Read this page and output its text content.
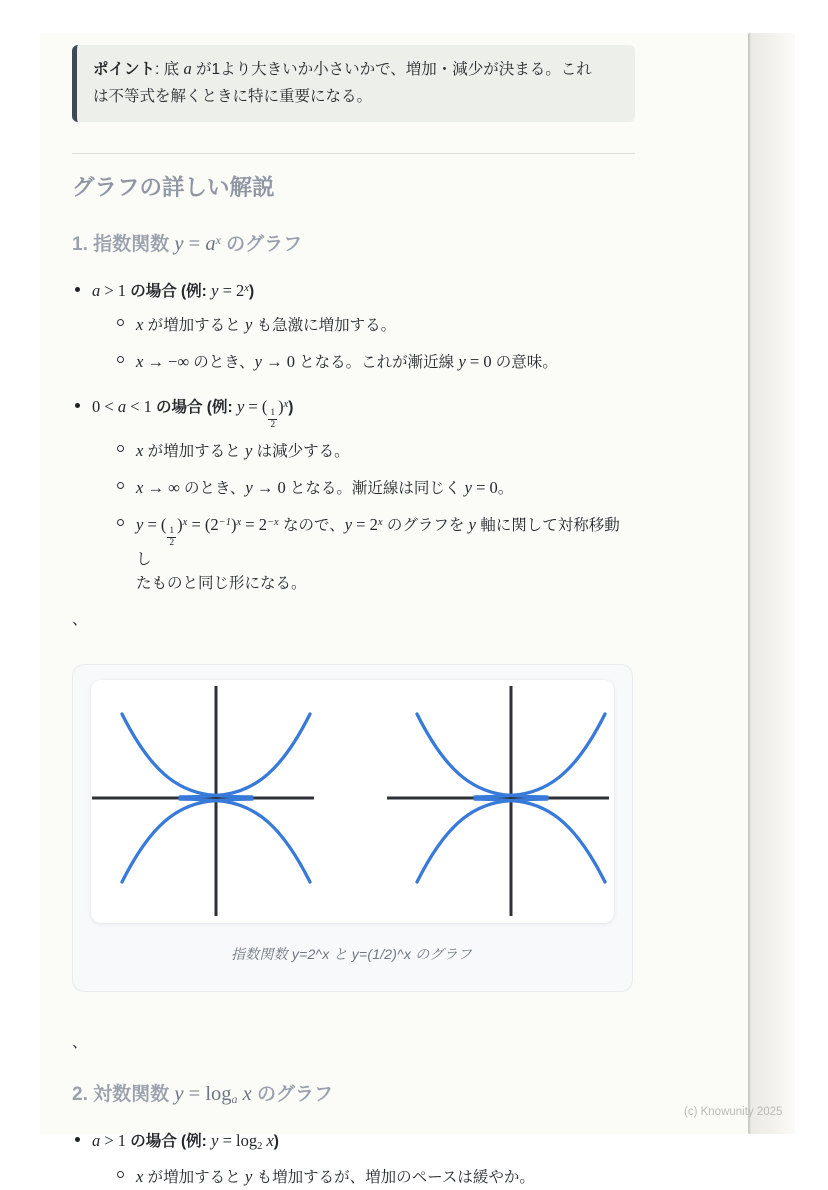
ポイント: 底 a が1より大きいか小さいかで、増加・減少が決まる。これ
は不等式を解くときに特に重要になる。
グラフの詳しい解説
1. 指数関数 $y = a^x$ のグラフ
a > 1 の場合 (例: $y = 2^x$)
x が増加すると y も急激に増加する。
x → −∞ のとき、y → 0 となる。これが漸近線 y = 0 の意味。
0 < a < 1 の場合 (例: y = (
$\frac{1}{2}$
)$^x$)
x が増加すると y は減少する。
x → ∞ のとき、y → 0 となる。漸近線は同じく y = 0。
y = (
$\frac{1}{2}$
)$^x = (2^{-1})^x = 2^{-x}$ なので、$y = 2^x$ のグラフを y 軸に関して対称移動し
たものと同じ形になる。
、
指数関数 y=2^x と y=(1/2)^x のグラフ
、
2. 対数関数 y = loga x のグラフ
a > 1 の場合 (例: y = log2 x)
x が増加すると y も増加するが、増加のペースは緩やか。
(c) Knowunity 2025
